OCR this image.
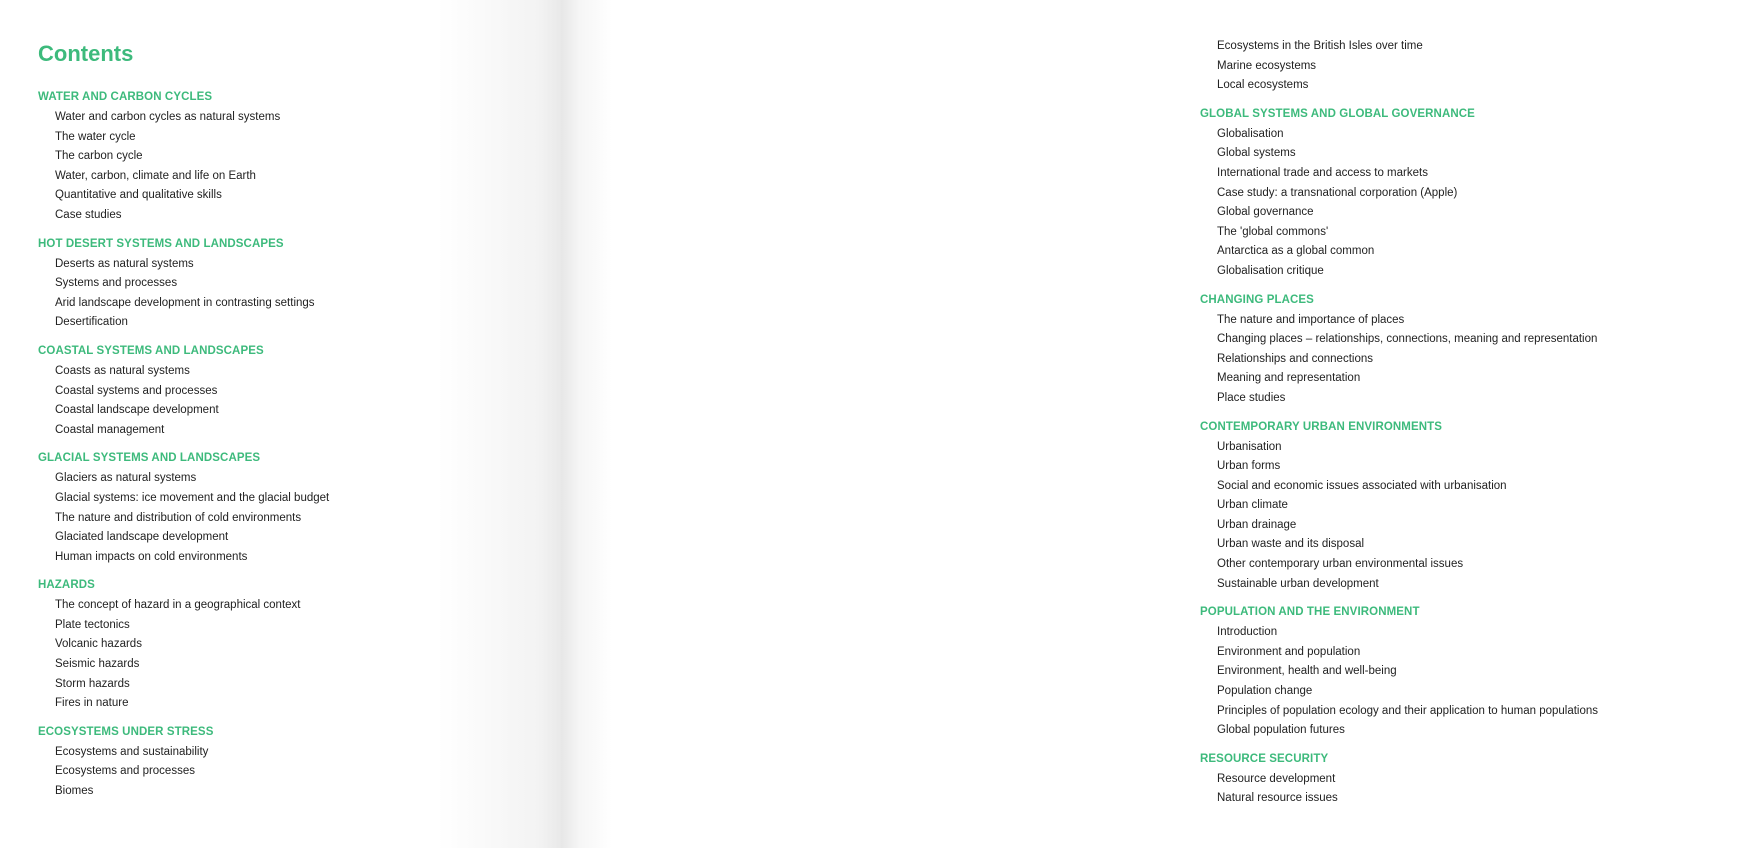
Contents
WATER AND CARBON CYCLES
Water and carbon cycles as natural systems
The water cycle
The carbon cycle
Water, carbon, climate and life on Earth
Quantitative and qualitative skills
Case studies
HOT DESERT SYSTEMS AND LANDSCAPES
Deserts as natural systems
Systems and processes
Arid landscape development in contrasting settings
Desertification
COASTAL SYSTEMS AND LANDSCAPES
Coasts as natural systems
Coastal systems and processes
Coastal landscape development
Coastal management
GLACIAL SYSTEMS AND LANDSCAPES
Glaciers as natural systems
Glacial systems: ice movement and the glacial budget
The nature and distribution of cold environments
Glaciated landscape development
Human impacts on cold environments
HAZARDS
The concept of hazard in a geographical context
Plate tectonics
Volcanic hazards
Seismic hazards
Storm hazards
Fires in nature
ECOSYSTEMS UNDER STRESS
Ecosystems and sustainability
Ecosystems and processes
Biomes
Ecosystems in the British Isles over time
Marine ecosystems
Local ecosystems
GLOBAL SYSTEMS AND GLOBAL GOVERNANCE
Globalisation
Global systems
International trade and access to markets
Case study: a transnational corporation (Apple)
Global governance
The 'global commons'
Antarctica as a global common
Globalisation critique
CHANGING PLACES
The nature and importance of places
Changing places – relationships, connections, meaning and representation
Relationships and connections
Meaning and representation
Place studies
CONTEMPORARY URBAN ENVIRONMENTS
Urbanisation
Urban forms
Social and economic issues associated with urbanisation
Urban climate
Urban drainage
Urban waste and its disposal
Other contemporary urban environmental issues
Sustainable urban development
POPULATION AND THE ENVIRONMENT
Introduction
Environment and population
Environment, health and well-being
Population change
Principles of population ecology and their application to human populations
Global population futures
RESOURCE SECURITY
Resource development
Natural resource issues
